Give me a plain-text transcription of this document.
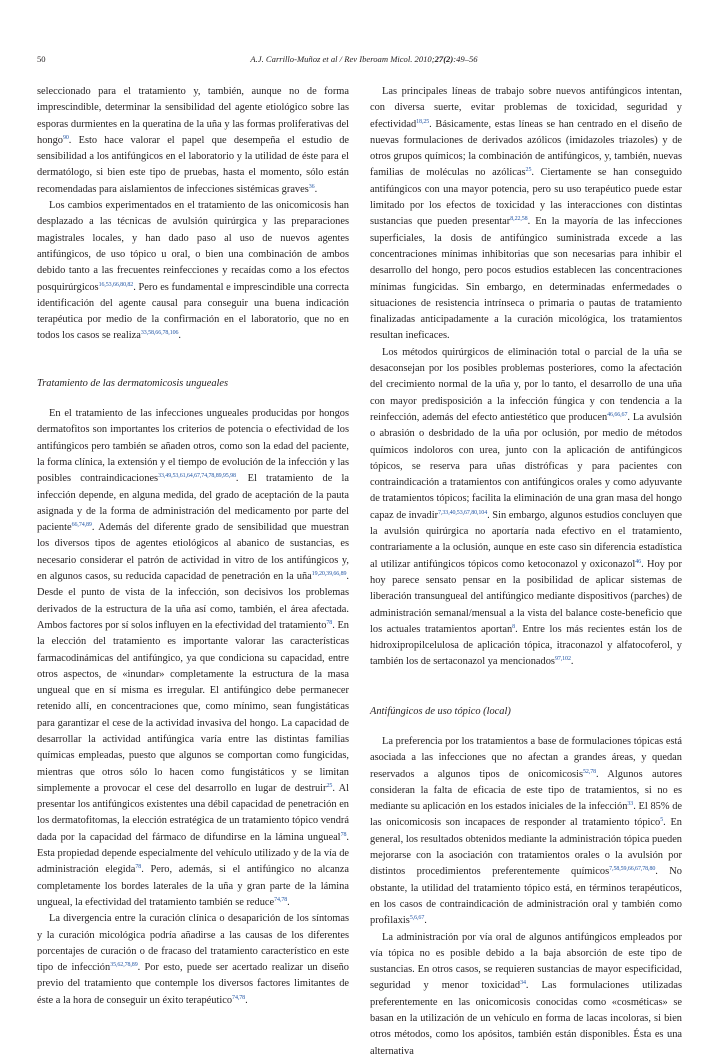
50	A.J. Carrillo-Muñoz et al / Rev Iberoam Micol. 2010;27(2):49–56

seleccionado para el tratamiento y, también, aunque no de forma imprescindible, determinar la sensibilidad del agente etiológico sobre las esporas durmientes en la queratina de la uña y las formas proliferativas del hongo$^{90}$. Esto hace valorar el papel que desempeña el estudio de sensibilidad a los antifúngicos en el laboratorio y la utilidad de éste para el dermatólogo, si bien este tipo de pruebas, hasta el momento, sólo están recomendadas para aislamientos de infecciones sistémicas graves$^{36}$.

Los cambios experimentados en el tratamiento de las onicomicosis han desplazado a las técnicas de avulsión quirúrgica y las preparaciones magistrales locales, y han dado paso al uso de nuevos agentes antifúngicos, de uso tópico u oral, o bien una combinación de ambos debido tanto a las frecuentes reinfecciones y recaídas como a los efectos posquirúrgicos$^{16,53,66,80,82}$. Pero es fundamental e imprescindible una correcta identificación del agente causal para conseguir una buena indicación terapéutica por medio de la confirmación en el laboratorio, que no en todos los casos se realiza$^{33,58,66,78,106}$.

Tratamiento de las dermatomicosis ungueales

En el tratamiento de las infecciones ungueales producidas por hongos dermatofitos son importantes los criterios de potencia o efectividad de los antifúngicos pero también se añaden otros, como son la edad del paciente, la forma clínica, la extensión y el tiempo de evolución de la infección y las posibles contraindicaciones$^{33,49,53,61,64,67,74,78,89,95,98}$. El tratamiento de la infección depende, en alguna medida, del grado de aceptación de la pauta asignada y de la forma de administración del medicamento por parte del paciente$^{66,74,89}$. Además del diferente grado de sensibilidad que muestran los diversos tipos de agentes etiológicos al abanico de sustancias, es necesario considerar el patrón de actividad in vitro de los antifúngicos y, en algunos casos, su reducida capacidad de penetración en la uña$^{19,20,39,66,89}$. Desde el punto de vista de la infección, son decisivos los problemas derivados de la estructura de la uña así como, también, el área afectada. Ambos factores por sí solos influyen en la efectividad del tratamiento$^{78}$. En la elección del tratamiento es importante valorar las características farmacodinámicas del antifúngico, ya que condiciona su capacidad, entre otros aspectos, de «inundar» completamente la estructura de la masa ungueal que en sí misma es irregular. El antifúngico debe permanecer retenido allí, en concentraciones que, como mínimo, sean fungistáticas para garantizar el cese de la actividad invasiva del hongo. La capacidad de desarrollar la actividad antifúngica varía entre las distintas familias químicas empleadas, puesto que algunos se comportan como fungicidas, mientras que otros sólo lo hacen como fungistáticos y se limitan simplemente a provocar el cese del desarrollo en lugar de destruir$^{25}$. Al presentar los antifúngicos existentes una débil capacidad de penetración en los dermatofitomas, la elección estratégica de un tratamiento tópico vendrá dada por la capacidad del fármaco de difundirse en la lámina ungueal$^{78}$. Esta propiedad depende especialmente del vehículo utilizado y de la vía de administración elegida$^{78}$. Pero, además, si el antifúngico no alcanza completamente los bordes laterales de la uña y gran parte de la lámina ungueal, la efectividad del tratamiento también se reduce$^{74,78}$.

La divergencia entre la curación clínica o desaparición de los síntomas y la curación micológica podría añadirse a las causas de los diferentes porcentajes de curación o de fracaso del tratamiento característico en este tipo de infección$^{35,62,78,89}$. Por esto, puede ser acertado realizar un diseño previo del tratamiento que contemple los diversos factores limitantes de éste a la hora de conseguir un éxito terapéutico$^{74,78}$.

Las principales líneas de trabajo sobre nuevos antifúngicos intentan, con diversa suerte, evitar problemas de toxicidad, seguridad y efectividad$^{18,25}$. Básicamente, estas líneas se han centrado en el diseño de nuevas formulaciones de derivados azólicos (imidazoles triazoles) y de otros grupos químicos; la combinación de antifúngicos, y, también, nuevas familias de moléculas no azólicas$^{25}$. Ciertamente se han conseguido antifúngicos con una mayor potencia, pero su uso terapéutico puede estar limitado por los efectos de toxicidad y las interacciones con distintas sustancias que pueden presentar$^{8,22,58}$. En la mayoría de las infecciones superficiales, la dosis de antifúngico suministrada excede a las concentraciones mínimas inhibitorias que son necesarias para inhibir el desarrollo del hongo, pero pocos estudios establecen las concentraciones mínimas fungicidas. Sin embargo, en determinadas enfermedades o situaciones de resistencia intrínseca o primaria o pautas de tratamiento finalizadas anticipadamente a la curación micológica, los tratamientos resultan ineficaces.

Los métodos quirúrgicos de eliminación total o parcial de la uña se desaconsejan por los posibles problemas posteriores, como la afectación del crecimiento normal de la uña y, por lo tanto, el desarrollo de una uña con mayor predisposición a la infección fúngica y con tendencia a la reinfección, además del efecto antiestético que producen$^{46,66,67}$. La avulsión o abrasión o desbridado de la uña por oclusión, por medio de métodos químicos indoloros con urea, junto con la aplicación de antifúngicos tópicos, se reserva para uñas distróficas y para pacientes con contraindicación a tratamientos con antifúngicos orales y como adyuvante de tratamientos tópicos; facilita la eliminación de una gran masa del hongo capaz de invadir$^{7,33,40,53,67,80,104}$. Sin embargo, algunos estudios concluyen que la avulsión quirúrgica no aportaría nada efectivo en el tratamiento, contrariamente a la oclusión, aunque en este caso sin diferencia estadística al utilizar antifúngicos tópicos como ketoconazol y oxiconazol$^{46}$. Hoy por hoy parece sensato pensar en la posibilidad de aplicar sistemas de liberación transungueal del antifúngico mediante dispositivos (parches) de administración semanal/mensual a la vista del balance coste-beneficio que los actuales tratamientos aportan$^8$. Entre los más recientes están los de hidroxipropilcelulosa de aplicación tópica, itraconazol y alfatocoferol, y también los de sertaconazol ya mencionados$^{97,102}$.

Antifúngicos de uso tópico (local)

La preferencia por los tratamientos a base de formulaciones tópicas está asociada a las infecciones que no afectan a grandes áreas, y quedan reservados a algunos tipos de onicomicosis$^{52,78}$. Algunos autores consideran la falta de eficacia de este tipo de tratamientos, si no es mediante su aplicación en los estados iniciales de la infección$^{33}$. El 85% de las onicomicosis son incapaces de responder al tratamiento tópico$^5$. En general, los resultados obtenidos mediante la administración tópica pueden mejorarse con la asociación con tratamientos orales o la avulsión por distintos procedimientos preferentemente químicos$^{7,58,59,66,67,78,80}$. No obstante, la utilidad del tratamiento tópico está, en términos terapéuticos, en los casos de contraindicación de administración oral y también como profilaxis$^{5,6,67}$.

La administración por vía oral de algunos antifúngicos empleados por vía tópica no es posible debido a la baja absorción de este tipo de sustancias. En otros casos, se requieren sustancias de mayor especificidad, seguridad y menor toxicidad$^{34}$. Las formulaciones utilizadas preferentemente en las onicomicosis conocidas como «cosméticas» se basan en la utilización de un vehículo en forma de lacas incoloras, si bien otros métodos, como los apósitos, también están disponibles. Ésta es una alternativa
